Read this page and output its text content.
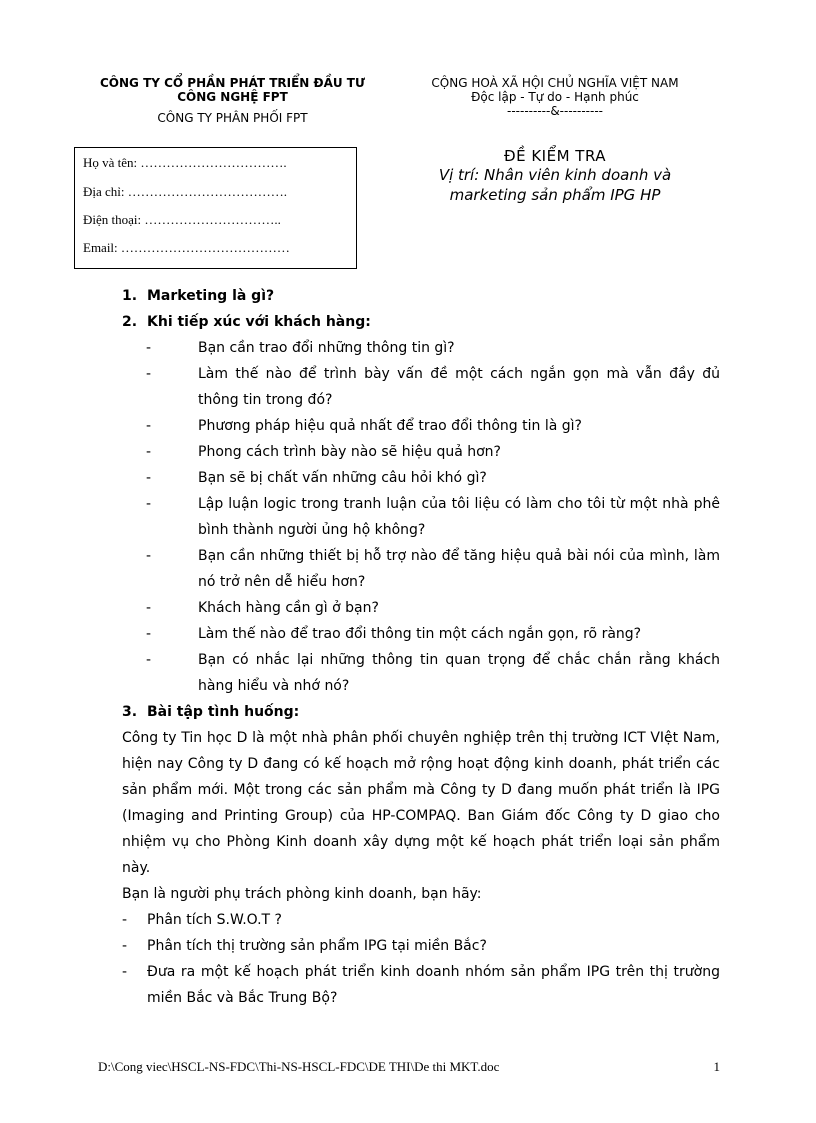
CÔNG TY CỔ PHẦN PHÁT TRIỂN ĐẦU TƯ
CÔNG NGHỆ FPT
CÔNG TY PHÂN PHỐI FPT
CỘNG HOÀ XÃ HỘI CHỦ NGHĨA VIỆT NAM
Độc lập - Tự do - Hạnh phúc
----------&----------
Họ và tên: …………………………….
Địa chỉ: ……………………………….
Điện thoại: …………………………..
Email: …………………………………
ĐỀ KIỂM TRA
Vị trí: Nhân viên kinh doanh và
marketing sản phẩm IPG HP
1. Marketing là gì?
2. Khi tiếp xúc với khách hàng:
-	Bạn cần trao đổi những thông tin gì?
-	Làm thế nào để trình bày vấn đề một cách ngắn gọn mà vẫn đầy đủ thông tin trong đó?
-	Phương pháp hiệu quả nhất để trao đổi thông tin là gì?
-	Phong cách trình bày nào sẽ hiệu quả hơn?
-	Bạn sẽ bị chất vấn những câu hỏi khó gì?
-	Lập luận logic trong tranh luận của tôi liệu có làm cho tôi từ một nhà phê bình thành người ủng hộ không?
-	Bạn cần những thiết bị hỗ trợ nào để tăng hiệu quả bài nói của mình, làm nó trở nên dễ hiểu hơn?
-	Khách hàng cần gì ở bạn?
-	Làm thế nào để trao đổi thông tin một cách ngắn gọn, rõ ràng?
-	Bạn có nhắc lại những thông tin quan trọng để chắc chắn rằng khách hàng hiểu và nhớ nó?
3. Bài tập tình huống:
Công ty Tin học D là một nhà phân phối chuyên nghiệp trên thị trường ICT VIệt Nam, hiện nay Công ty D đang có kế hoạch mở rộng hoạt động kinh doanh, phát triển các sản phẩm mới. Một trong các sản phẩm mà Công ty D đang muốn phát triển là IPG (Imaging and Printing Group) của HP-COMPAQ. Ban Giám đốc Công ty D giao cho nhiệm vụ cho Phòng Kinh doanh xây dựng một kế hoạch phát triển loại sản phẩm này.
Bạn là người phụ trách phòng kinh doanh, bạn hãy:
- Phân tích S.W.O.T ?
- Phân tích thị trường sản phẩm IPG tại miền Bắc?
- Đưa ra một kế hoạch phát triển kinh doanh nhóm sản phẩm IPG trên thị trường miền Bắc và Bắc Trung Bộ?
D:\Cong viec\HSCL-NS-FDC\Thi-NS-HSCL-FDC\DE THI\De thi MKT.doc	1
